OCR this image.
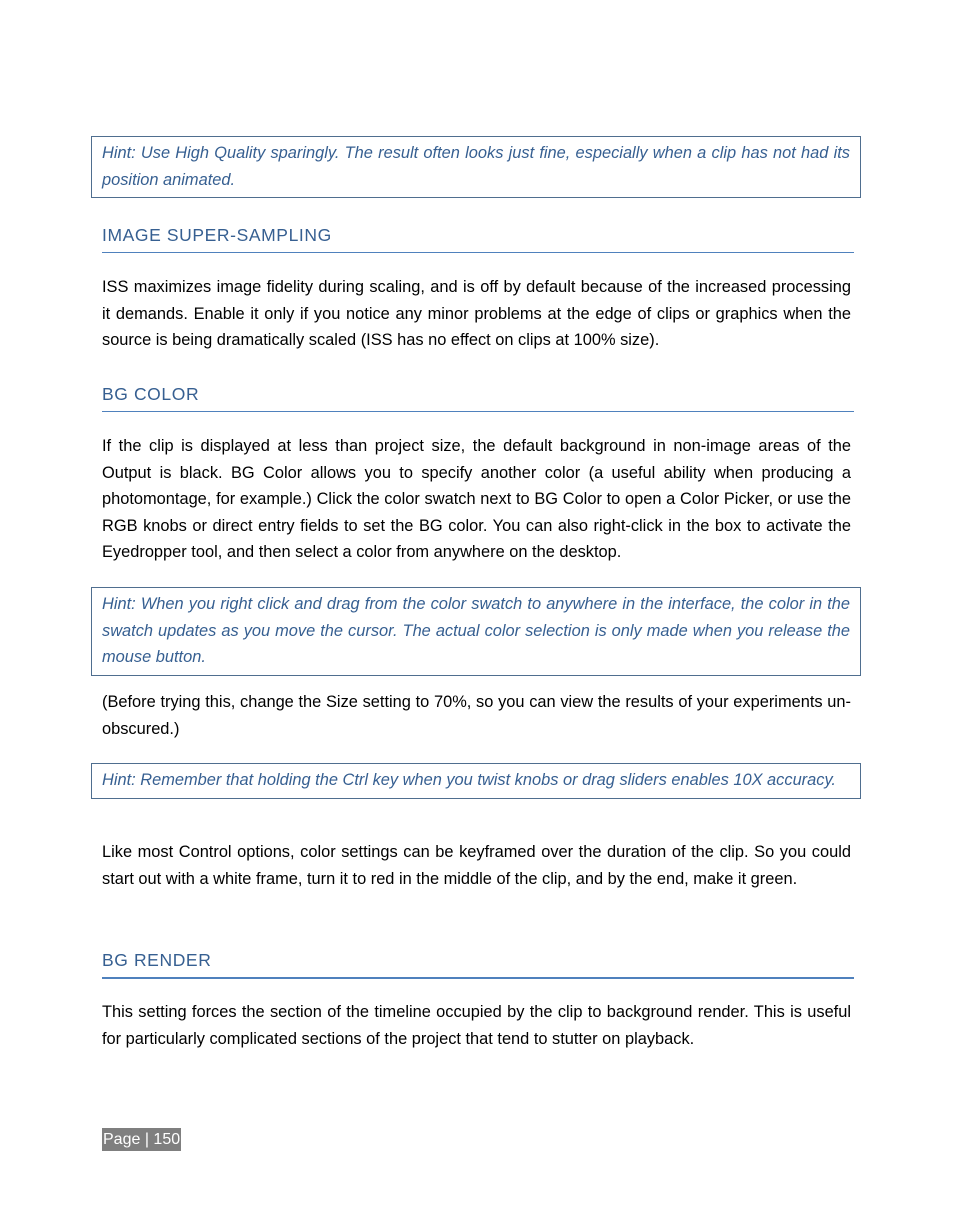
Hint: Use High Quality sparingly. The result often looks just fine, especially when a clip has not had its position animated.
IMAGE SUPER-SAMPLING

ISS maximizes image fidelity during scaling, and is off by default because of the increased processing it demands. Enable it only if you notice any minor problems at the edge of clips or graphics when the source is being dramatically scaled (ISS has no effect on clips at 100% size).

BG COLOR

If the clip is displayed at less than project size, the default background in non-image areas of the Output is black. BG Color allows you to specify another color (a useful ability when producing a photomontage, for example.) Click the color swatch next to BG Color to open a Color Picker, or use the RGB knobs or direct entry fields to set the BG color. You can also right-click in the box to activate the Eyedropper tool, and then select a color from anywhere on the desktop.

Hint: When you right click and drag from the color swatch to anywhere in the interface, the color in the swatch updates as you move the cursor. The actual color selection is only made when you release the mouse button.

(Before trying this, change the Size setting to 70%, so you can view the results of your experiments un-obscured.)

Hint: Remember that holding the Ctrl key when you twist knobs or drag sliders enables 10X accuracy.

Like most Control options, color settings can be keyframed over the duration of the clip. So you could start out with a white frame, turn it to red in the middle of the clip, and by the end, make it green.

BG RENDER

This setting forces the section of the timeline occupied by the clip to background render. This is useful for particularly complicated sections of the project that tend to stutter on playback.

Page | 150
